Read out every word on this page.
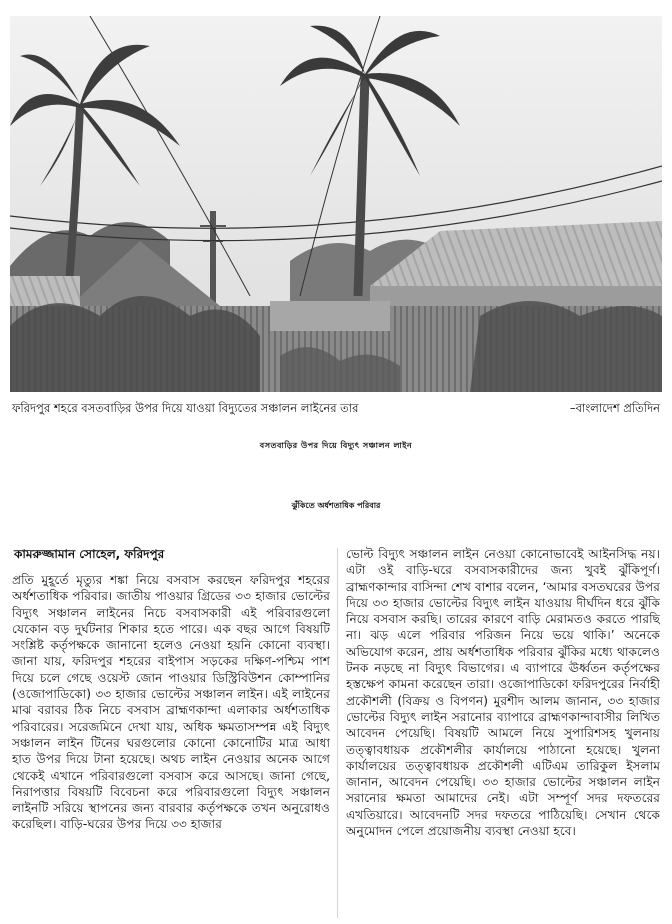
ফরিদপুর শহরে বসতবাড়ির উপর দিয়ে যাওয়া বিদ্যুতের সঞ্চালন লাইনের তার	–বাংলাদেশ প্রতিদিন
বসতবাড়ির উপর দিয়ে বিদ্যুৎ সঞ্চালন লাইন
ঝুঁকিতে অর্ধশতাধিক পরিবার
কামরুজ্জামান সোহেল, ফরিদপুর

প্রতি মুহূর্তে মৃত্যুর শঙ্কা নিয়ে বসবাস করছেন ফরিদপুর শহরের অর্ধশতাধিক পরিবার। জাতীয় পাওয়ার গ্রিডের ৩৩ হাজার ভোল্টের বিদ্যুৎ সঞ্চালন লাইনের নিচে বসবাসকারী এই পরিবারগুলো যেকোন বড় দুর্ঘটনার শিকার হতে পারে। এক বছর আগে বিষয়টি সংশ্লিষ্ট কর্তৃপক্ষকে জানানো হলেও নেওয়া হয়নি কোনো ব্যবস্থা। জানা যায়, ফরিদপুর শহরের বাইপাস সড়কের দক্ষিণ-পশ্চিম পাশ দিয়ে চলে গেছে ওয়েস্ট জোন পাওয়ার ডিস্ট্রিবিউশন কোম্পানির (ওজোপাডিকো) ৩৩ হাজার ভোল্টের সঞ্চালন লাইন। এই লাইনের মাঝ বরাবর ঠিক নিচে বসবাস ব্রাহ্মণকান্দা এলাকার অর্ধশতাধিক পরিবারের। সরেজমিনে দেখা যায়, অধিক ক্ষমতাসম্পন্ন এই বিদ্যুৎ সঞ্চালন লাইন টিনের ঘরগুলোর কোনো কোনোটির মাত্র আধা হাত উপর দিয়ে টানা হয়েছে। অথচ লাইন নেওয়ার অনেক আগে থেকেই এখানে পরিবারগুলো বসবাস করে আসছে। জানা গেছে, নিরাপত্তার বিষয়টি বিবেচনা করে পরিবারগুলো বিদ্যুৎ সঞ্চালন লাইনটি সরিয়ে স্থাপনের জন্য বারবার কর্তৃপক্ষকে তখন অনুরোধও করেছিল। বাড়ি-ঘরের উপর দিয়ে ৩৩ হাজার

ভোল্ট বিদ্যুৎ সঞ্চালন লাইন নেওয়া কোনোভাবেই আইনসিদ্ধ নয়। এটা ওই বাড়ি-ঘরে বসবাসকারীদের জন্য খুবই ঝুঁকিপূর্ণ। ব্রাহ্মণকান্দার বাসিন্দা শেখ বাশার বলেন, ‘আমার বসতঘরের উপর দিয়ে ৩৩ হাজার ভোল্টের বিদ্যুৎ লাইন যাওয়ায় দীর্ঘদিন ধরে ঝুঁকি নিয়ে বসবাস করছি। তারের কারণে বাড়ি মেরামতও করতে পারছি না। ঝড় এলে পরিবার পরিজন নিয়ে ভয়ে থাকি।’ অনেকে অভিযোগ করেন, প্রায় অর্ধশতাধিক পরিবার ঝুঁকির মধ্যে থাকলেও টনক নড়ছে না বিদ্যুৎ বিভাগের। এ ব্যাপারে ঊর্ধ্বতন কর্তৃপক্ষের হস্তক্ষেপ কামনা করেছেন তারা। ওজোপাডিকো ফরিদপুরের নির্বাহী প্রকৌশলী (বিক্রয় ও বিপণন) মুরশীদ আলম জানান, ৩৩ হাজার ভোল্টের বিদ্যুৎ লাইন সরানোর ব্যাপারে ব্রাহ্মণকান্দাবাসীর লিখিত আবেদন পেয়েছি। বিষয়টি আমলে নিয়ে সুপারিশসহ খুলনায় তত্ত্বাবধায়ক প্রকৌশলীর কার্যালয়ে পাঠানো হয়েছে। খুলনা কার্যালয়ের তত্ত্বাবধায়ক প্রকৌশলী এটিএম তারিকুল ইসলাম জানান, আবেদন পেয়েছি। ৩৩ হাজার ভোল্টের সঞ্চালন লাইন সরানোর ক্ষমতা আমাদের নেই। এটা সম্পূর্ণ সদর দফতরের এখতিয়ারে। আবেদনটি সদর দফতরে পাঠিয়েছি। সেখান থেকে অনুমোদন পেলে প্রয়োজনীয় ব্যবস্থা নেওয়া হবে।
